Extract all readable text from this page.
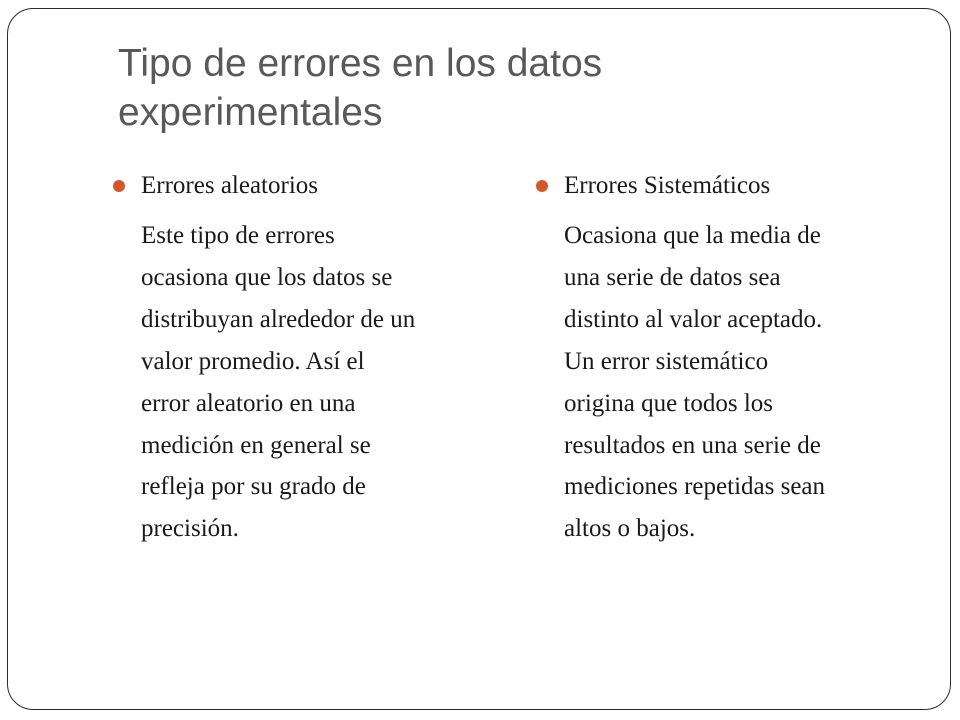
Tipo de errores en los datos
experimentales
Errores aleatorios
Este tipo de errores
ocasiona que los datos se
distribuyan alrededor de un
valor promedio. Así el
error aleatorio en una
medición en general se
refleja por su grado de
precisión.
Errores Sistemáticos
Ocasiona que la media de
una serie de datos sea
distinto al valor aceptado.
Un error sistemático
origina que todos los
resultados en una serie de
mediciones repetidas sean
altos o bajos.
